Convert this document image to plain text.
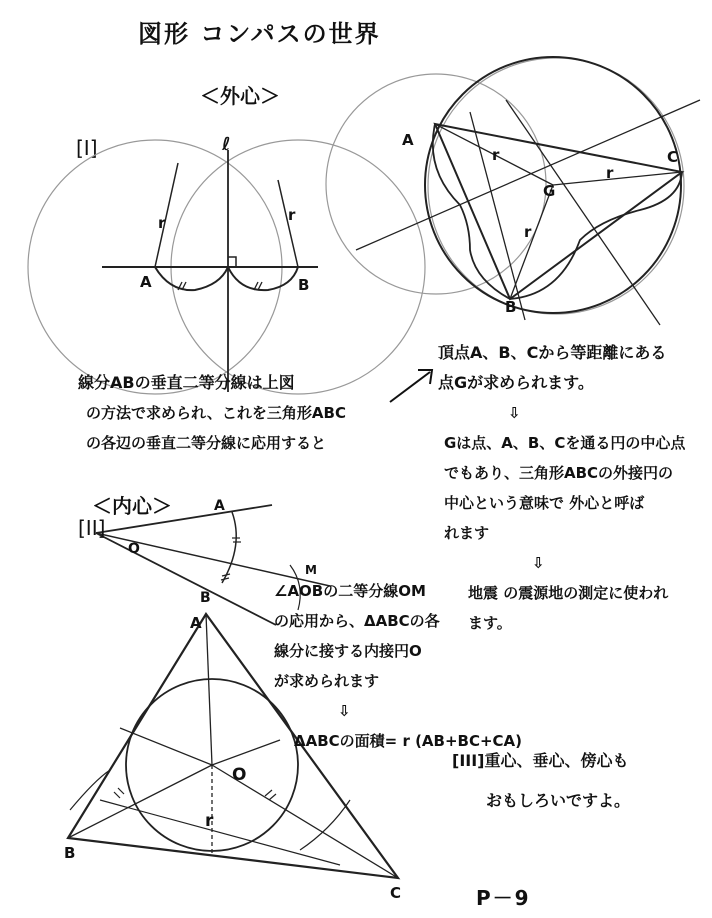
図形 コンパスの世界
＜外心＞
[I]	ℓ
A	B
r	r
A
B
C
G
r
r
r
O
A
B
M
A
B
C
O
r
線分ABの垂直二等分線は上図
の方法で求められ、これを三角形ABC
の各辺の垂直二等分線に応用すると
頂点A、B、Cから等距離にある
点Gが求められます。
⇩
Gは点、A、B、Cを通る円の中心点
でもあり、三角形ABCの外接円の
中心という意味で 外心と呼ば
れます
⇩
地震 の震源地の測定に使われ
ます。
＜内心＞
[II]
∠AOBの二等分線OM
の応用から、ΔABCの各
線分に接する内接円O
が求められます
⇩
ΔABCの面積= r (AB+BC+CA)
[III]重心、垂心、傍心も
おもしろいですよ。
P－9
